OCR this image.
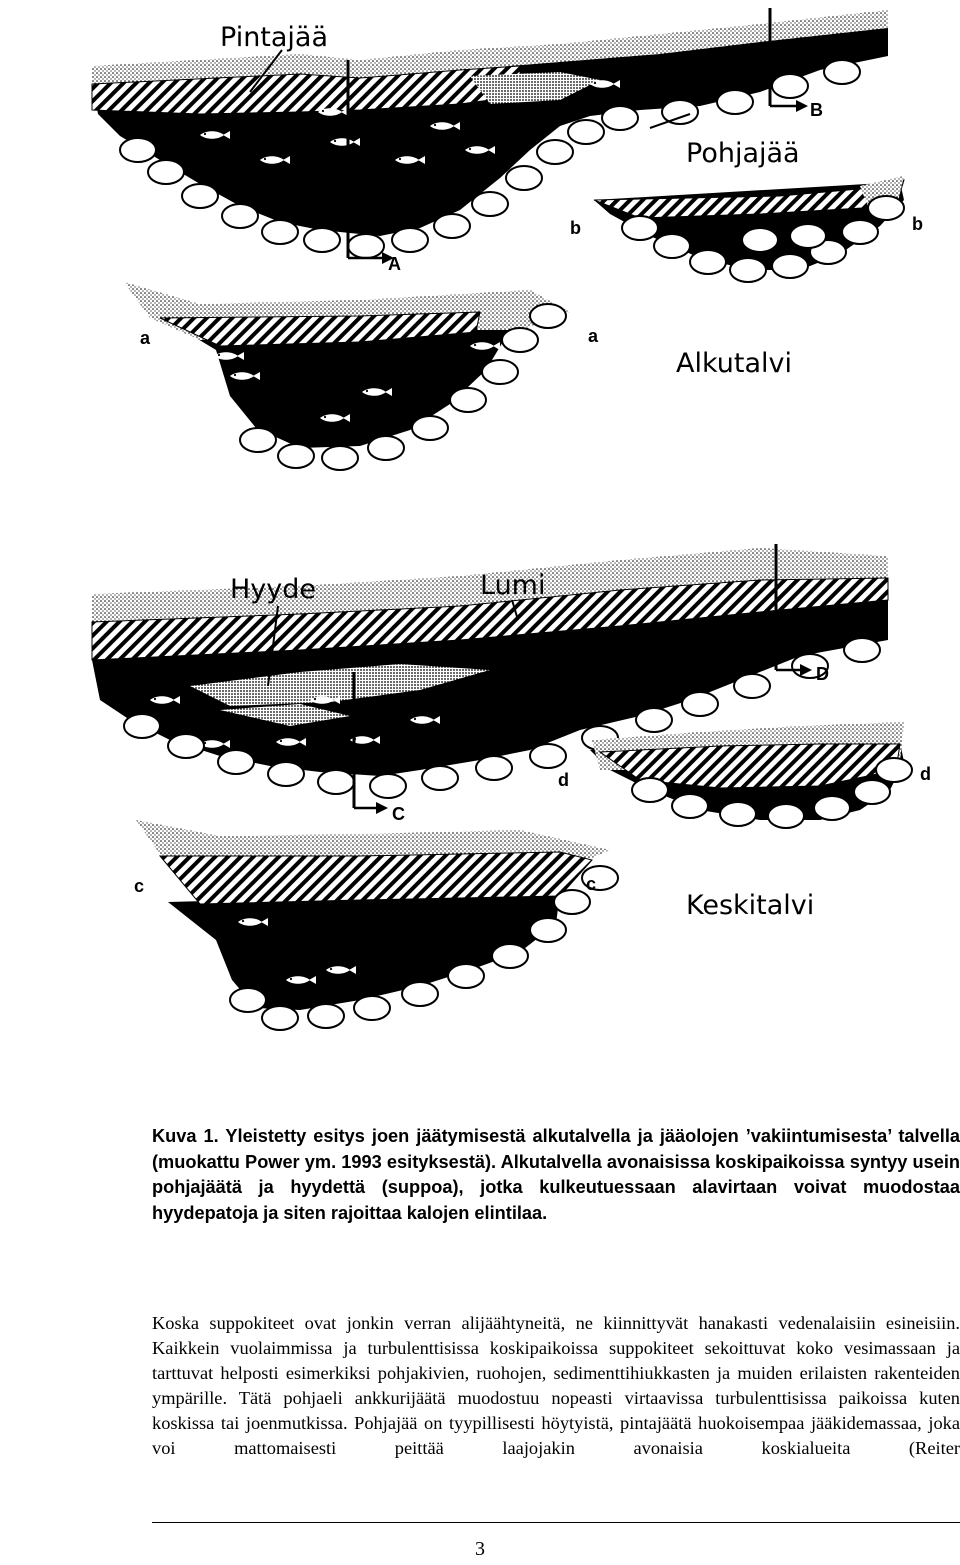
Pintajää
Pohjajää
Alkutalvi
Hyyde	Lumi
Keskitalvi
A
B
C
D
a	a
b	b
c	c
d	d

Kuva 1. Yleistetty esitys joen jäätymisestä alkutalvella ja jääolojen ’vakiintumisesta’ talvella (muokattu Power ym. 1993 esityksestä). Alkutalvella avonaisissa koskipaikoissa syntyy usein pohjajäätä ja hyydettä (suppoa), jotka kulkeutuessaan alavirtaan voivat muodostaa hyydepatoja ja siten rajoittaa kalojen elintilaa.

Koska suppokiteet ovat jonkin verran alijäähtyneitä, ne kiinnittyvät hanakasti vedenalaisiin esineisiin. Kaikkein vuolaimmissa ja turbulenttisissa koskipaikoissa suppokiteet sekoittuvat koko vesimassaan ja tarttuvat helposti esimerkiksi pohjakivien, ruohojen, sedimenttihiukkasten ja muiden erilaisten rakenteiden ympärille. Tätä pohjaeli ankkurijäätä muodostuu nopeasti virtaavissa turbulenttisissa paikoissa kuten koskissa tai joenmutkissa. Pohjajää on tyypillisesti höytyistä, pintajäätä huokoisempaa jääkidemassaa, joka voi mattomaisesti peittää laajojakin avonaisia koskialueita (Reiter

3
